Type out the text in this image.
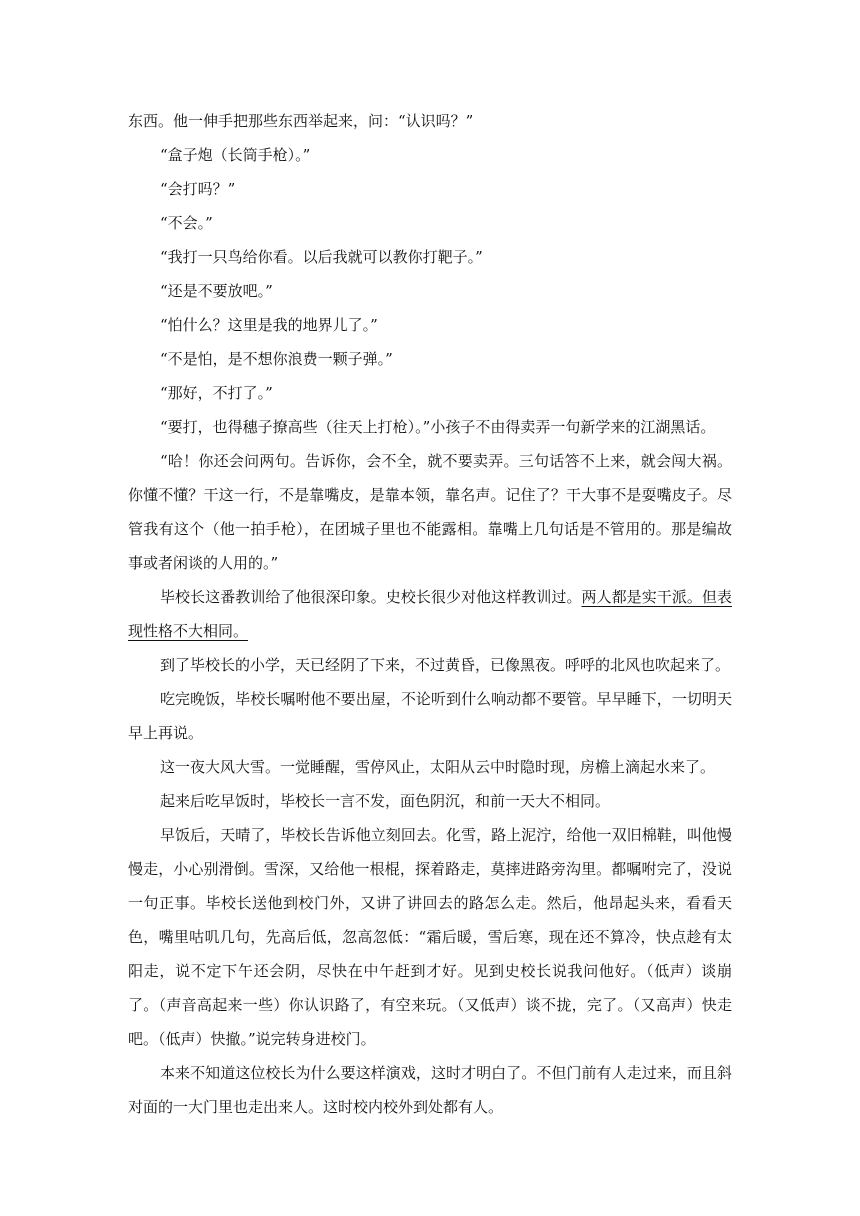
东西。他一伸手把那些东西举起来，问：“认识吗？”

“盒子炮（长筒手枪）。”

“会打吗？”

“不会。”

“我打一只鸟给你看。以后我就可以教你打靶子。”

“还是不要放吧。”

“怕什么？这里是我的地界儿了。”

“不是怕，是不想你浪费一颗子弹。”

“那好，不打了。”

“要打，也得穗子撩高些（往天上打枪）。”小孩子不由得卖弄一句新学来的江湖黑话。

“哈！你还会问两句。告诉你，会不全，就不要卖弄。三句话答不上来，就会闯大祸。你懂不懂？干这一行，不是靠嘴皮，是靠本领，靠名声。记住了？干大事不是耍嘴皮子。尽管我有这个（他一拍手枪），在团城子里也不能露相。靠嘴上几句话是不管用的。那是编故事或者闲谈的人用的。”

毕校长这番教训给了他很深印象。史校长很少对他这样教训过。两人都是实干派。但表现性格不大相同。

到了毕校长的小学，天已经阴了下来，不过黄昏，已像黑夜。呼呼的北风也吹起来了。

吃完晚饭，毕校长嘱咐他不要出屋，不论听到什么响动都不要管。早早睡下，一切明天早上再说。

这一夜大风大雪。一觉睡醒，雪停风止，太阳从云中时隐时现，房檐上滴起水来了。

起来后吃早饭时，毕校长一言不发，面色阴沉，和前一天大不相同。

早饭后，天晴了，毕校长告诉他立刻回去。化雪，路上泥泞，给他一双旧棉鞋，叫他慢慢走，小心别滑倒。雪深，又给他一根棍，探着路走，莫摔进路旁沟里。都嘱咐完了，没说一句正事。毕校长送他到校门外，又讲了讲回去的路怎么走。然后，他昂起头来，看看天色，嘴里咕叽几句，先高后低，忽高忽低：“霜后暖，雪后寒，现在还不算冷，快点趁有太阳走，说不定下午还会阴，尽快在中午赶到才好。见到史校长说我问他好。（低声）谈崩了。（声音高起来一些）你认识路了，有空来玩。（又低声）谈不拢，完了。（又高声）快走吧。（低声）快撤。”说完转身进校门。

本来不知道这位校长为什么要这样演戏，这时才明白了。不但门前有人走过来，而且斜对面的一大门里也走出来人。这时校内校外到处都有人。
